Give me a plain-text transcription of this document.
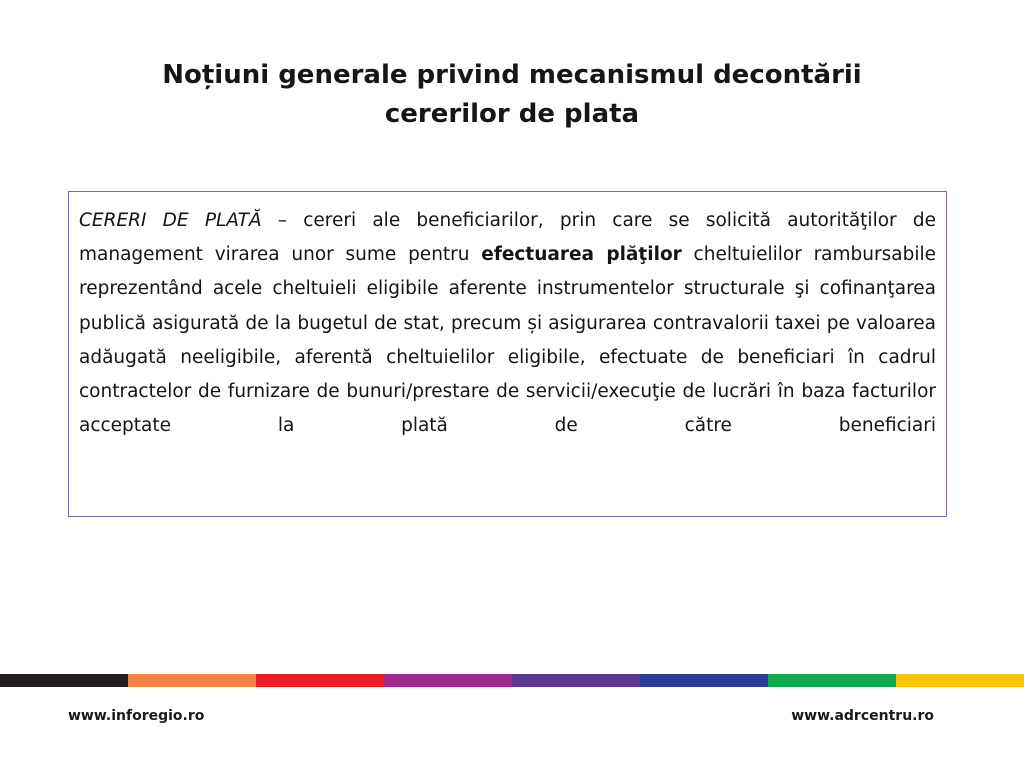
Noțiuni generale privind mecanismul decontării
cererilor de plata

CERERI DE PLATĂ – cereri ale beneficiarilor, prin care se solicită autorităţilor de management virarea unor sume pentru efectuarea plăţilor cheltuielilor rambursabile reprezentând acele cheltuieli eligibile aferente instrumentelor structurale şi cofinanţarea publică asigurată de la bugetul de stat, precum și asigurarea contravalorii taxei pe valoarea adăugată neeligibile, aferentă cheltuielilor eligibile, efectuate de beneficiari în cadrul contractelor de furnizare de bunuri/prestare de servicii/execuţie de lucrări în baza facturilor acceptate la plată de către beneficiari

www.inforegio.ro	www.adrcentru.ro
